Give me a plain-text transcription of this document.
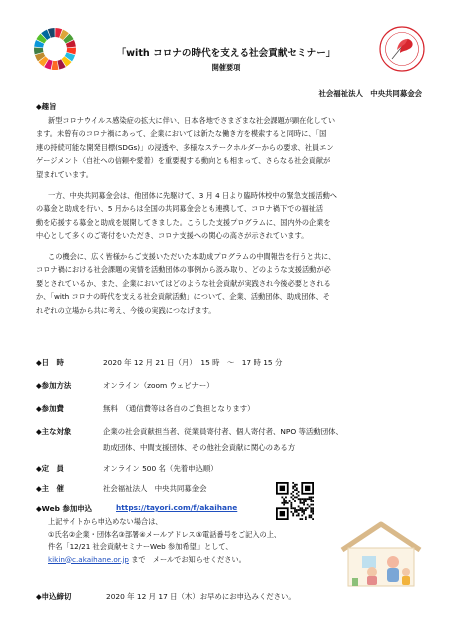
「with コロナの時代を支える社会貢献セミナー」
開催要項
社会福祉法人　中央共同募金会
◆趣旨
新型コロナウイルス感染症の拡大に伴い、日本各地でさまざまな社会課題が顕在化してい
ます。未曾有のコロナ禍にあって、企業においては新たな働き方を模索すると同時に、「国
連の持続可能な開発目標(SDGs)」の浸透や、多様なステークホルダーからの要求、社員エン
ゲージメント（自社への信頼や愛着）を重要視する動向とも相まって、さらなる社会貢献が
望まれています。
一方、中央共同募金会は、他団体に先駆けて、3 月 4 日より臨時休校中の緊急支援活動へ
の募金と助成を行い、5 月からは全国の共同募金会とも連携して、コロナ禍下での福祉活
動を応援する募金と助成を展開してきました。こうした支援プログラムに、国内外の企業を
中心として多くのご寄付をいただき、コロナ支援への関心の高さが示されています。
この機会に、広く皆様からご支援いただいた本助成プログラムの中間報告を行うと共に、
コロナ禍における社会課題の実情を活動団体の事例から汲み取り、どのような支援活動が必
要とされているか、また、企業においてはどのような社会貢献が実践され今後必要とされる
か、「with コロナの時代を支える社会貢献活動」について、企業、活動団体、助成団体、そ
れぞれの立場から共に考え、今後の実践につなげます。
◆日　時	2020 年 12 月 21 日（月）　15 時　～　17 時 15 分
◆参加方法	オンライン（zoom ウェビナー）
◆参加費	無料　（通信費等は各自のご負担となります）
◆主な対象	企業の社会貢献担当者、従業員寄付者、個人寄付者、NPO 等活動団体、
助成団体、中間支援団体、その他社会貢献に関心のある方
◆定　員	オンライン 500 名（先着申込順）
◆主　催	社会福祉法人　中央共同募金会
◆Web 参加申込	https://tayori.com/f/akaihane
上記サイトから申込めない場合は、
①氏名②企業・団体名③部署④メールアドレス⑤電話番号をご記入の上、
件名「12/21 社会貢献セミナーWeb 参加希望」として、
kikin@c.akaihane.or.jp まで　メールでお知らせください。
◆申込締切	2020 年 12 月 17 日（木）お早めにお申込みください。
